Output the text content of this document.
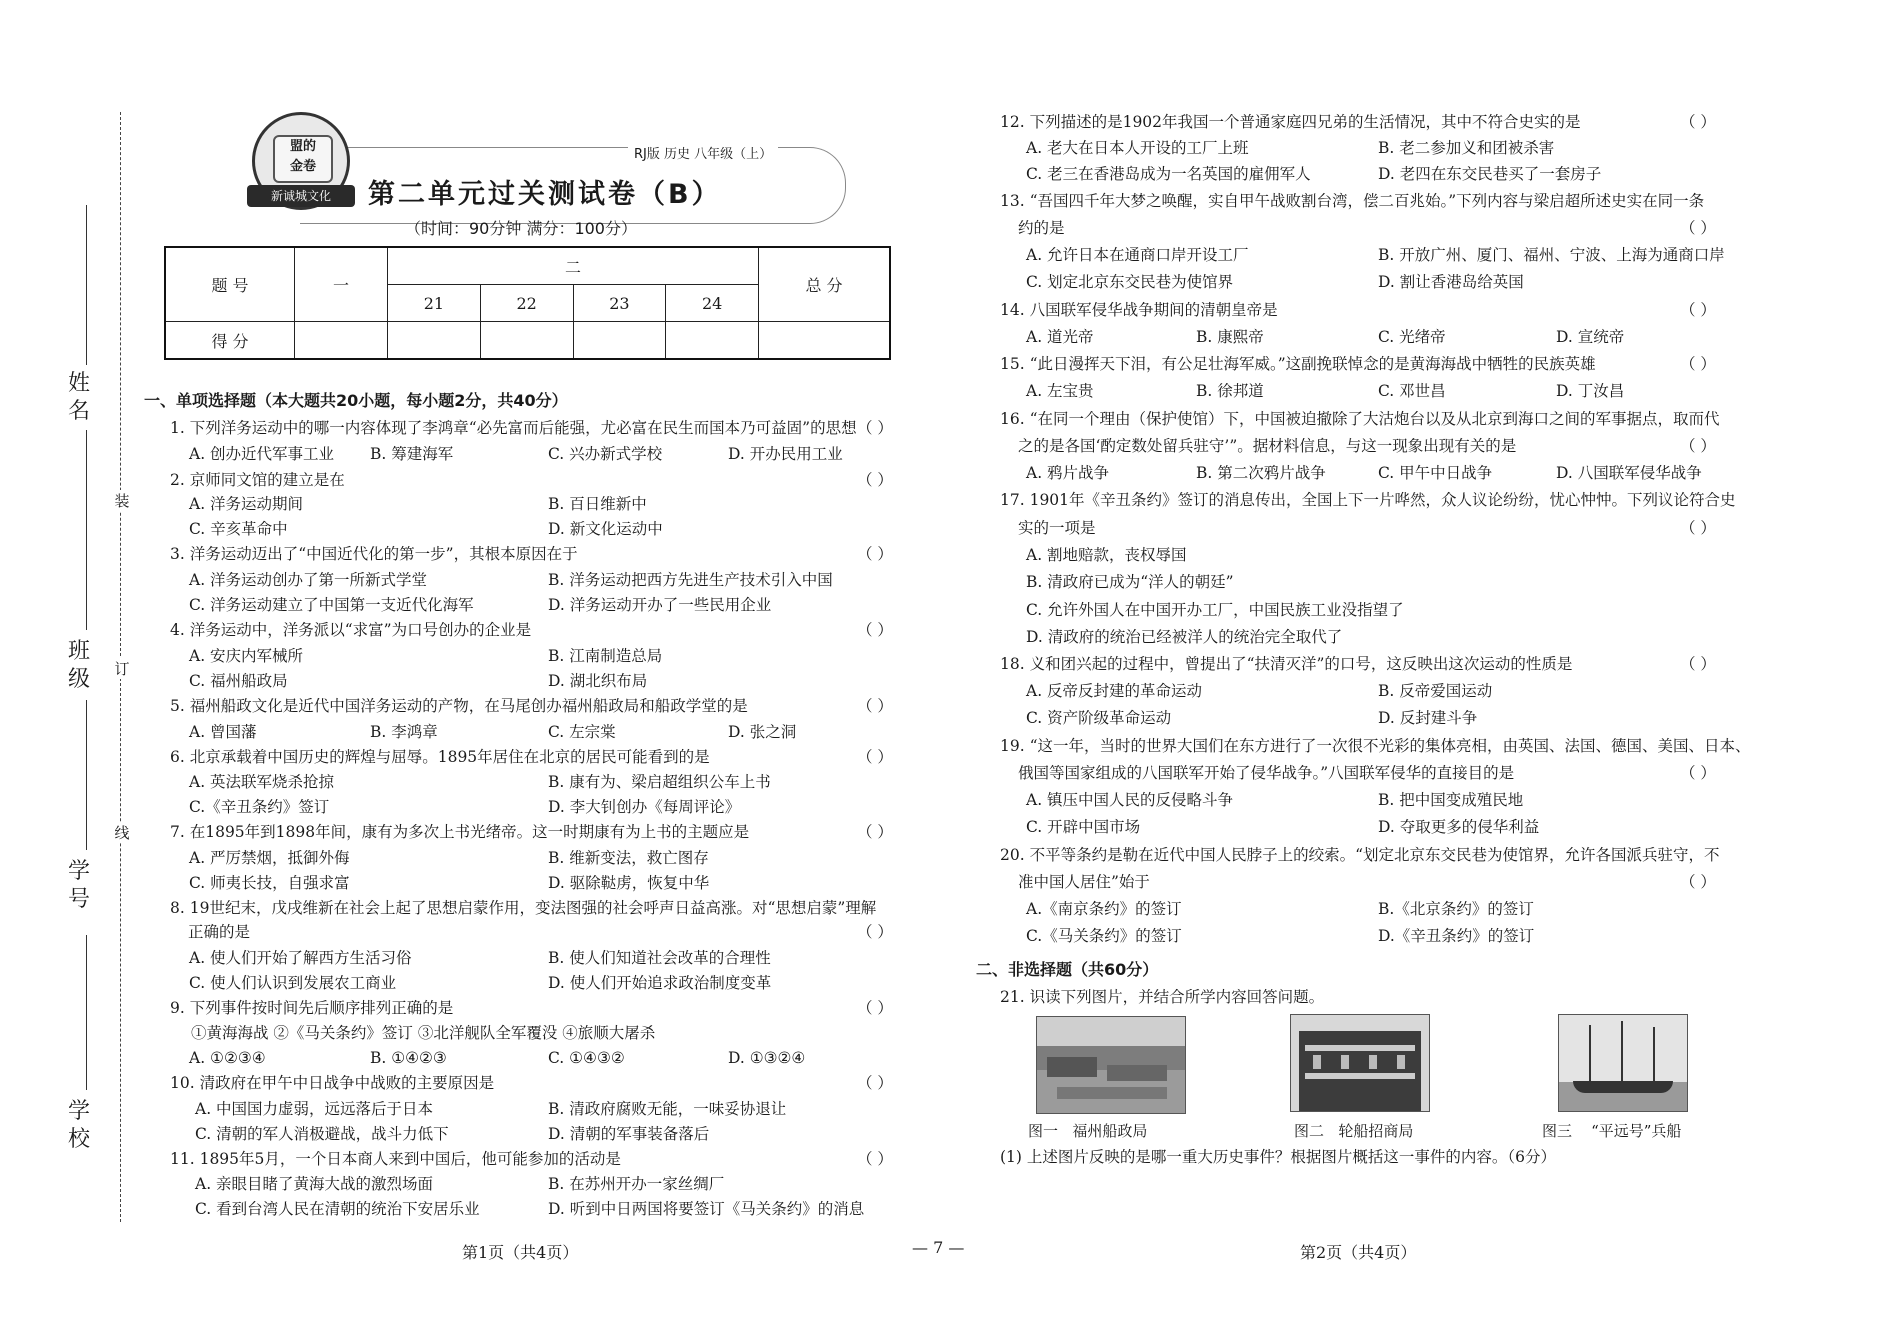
姓名
班级
学号
学校
装
订
线
盟的
金卷
新诚城文化
RJ版 历史 八年级（上）
第二单元过关测试卷（B）
（时间：90分钟 满分：100分）
题 号	一	二				总 分
		21	22	23	24	
得 分						
一、单项选择题（本大题共20小题，每小题2分，共40分）
1. 下列洋务运动中的哪一内容体现了李鸿章“必先富而后能强，尤必富在民生而国本乃可益固”的思想 （ ）
A. 创办近代军事工业 B. 筹建海军	C. 兴办新式学校	D. 开办民用工业
2. 京师同文馆的建立是在	（ ）
A. 洋务运动期间	B. 百日维新中
C. 辛亥革命中	D. 新文化运动中
3. 洋务运动迈出了“中国近代化的第一步”，其根本原因在于	（ ）
A. 洋务运动创办了第一所新式学堂	B. 洋务运动把西方先进生产技术引入中国
C. 洋务运动建立了中国第一支近代化海军	D. 洋务运动开办了一些民用企业
4. 洋务运动中，洋务派以“求富”为口号创办的企业是	（ ）
A. 安庆内军械所	B. 江南制造总局
C. 福州船政局	D. 湖北织布局
5. 福州船政文化是近代中国洋务运动的产物，在马尾创办福州船政局和船政学堂的是	（ ）
A. 曾国藩	B. 李鸿章	C. 左宗棠	D. 张之洞
6. 北京承载着中国历史的辉煌与屈辱。1895年居住在北京的居民可能看到的是	（ ）
A. 英法联军烧杀抢掠	B. 康有为、梁启超组织公车上书
C.《辛丑条约》签订	D. 李大钊创办《每周评论》
7. 在1895年到1898年间，康有为多次上书光绪帝。这一时期康有为上书的主题应是	（ ）
A. 严厉禁烟，抵御外侮	B. 维新变法，救亡图存
C. 师夷长技，自强求富	D. 驱除鞑虏，恢复中华
8. 19世纪末，戊戌维新在社会上起了思想启蒙作用，变法图强的社会呼声日益高涨。对“思想启蒙”理解
正确的是	（ ）
A. 使人们开始了解西方生活习俗	B. 使人们知道社会改革的合理性
C. 使人们认识到发展农工商业	D. 使人们开始追求政治制度变革
9. 下列事件按时间先后顺序排列正确的是	（ ）
①黄海海战 ②《马关条约》签订 ③北洋舰队全军覆没 ④旅顺大屠杀
A. ①②③④	B. ①④②③	C. ①④③②	D. ①③②④
10. 清政府在甲午中日战争中战败的主要原因是	（ ）
A. 中国国力虚弱，远远落后于日本	B. 清政府腐败无能，一味妥协退让
C. 清朝的军人消极避战，战斗力低下	D. 清朝的军事装备落后
11. 1895年5月，一个日本商人来到中国后，他可能参加的活动是	（ ）
A. 亲眼目睹了黄海大战的激烈场面	B. 在苏州开办一家丝绸厂
C. 看到台湾人民在清朝的统治下安居乐业	D. 听到中日两国将要签订《马关条约》的消息
二、非选择题（共60分）
12. 下列描述的是1902年我国一个普通家庭四兄弟的生活情况，其中不符合史实的是	（ ）
A. 老大在日本人开设的工厂上班	B. 老二参加义和团被杀害
C. 老三在香港岛成为一名英国的雇佣军人	D. 老四在东交民巷买了一套房子
13. “吾国四千年大梦之唤醒，实自甲午战败割台湾，偿二百兆始。”下列内容与梁启超所述史实在同一条
约的是	（ ）
A. 允许日本在通商口岸开设工厂	B. 开放广州、厦门、福州、宁波、上海为通商口岸
C. 划定北京东交民巷为使馆界	D. 割让香港岛给英国
14. 八国联军侵华战争期间的清朝皇帝是	（ ）
A. 道光帝	B. 康熙帝	C. 光绪帝	D. 宣统帝
15. “此日漫挥天下泪，有公足壮海军威。”这副挽联悼念的是黄海海战中牺牲的民族英雄	（ ）
A. 左宝贵	B. 徐邦道	C. 邓世昌	D. 丁汝昌
16. “在同一个理由（保护使馆）下，中国被迫撤除了大沽炮台以及从北京到海口之间的军事据点，取而代
之的是各国‘酌定数处留兵驻守’”。据材料信息，与这一现象出现有关的是	（ ）
A. 鸦片战争	B. 第二次鸦片战争	C. 甲午中日战争	D. 八国联军侵华战争
17. 1901年《辛丑条约》签订的消息传出，全国上下一片哗然，众人议论纷纷，忧心忡忡。下列议论符合史
实的一项是	（ ）
A. 割地赔款，丧权辱国
B. 清政府已成为“洋人的朝廷”
C. 允许外国人在中国开办工厂，中国民族工业没指望了
D. 清政府的统治已经被洋人的统治完全取代了
18. 义和团兴起的过程中，曾提出了“扶清灭洋”的口号，这反映出这次运动的性质是	（ ）
A. 反帝反封建的革命运动	B. 反帝爱国运动
C. 资产阶级革命运动	D. 反封建斗争
19. “这一年，当时的世界大国们在东方进行了一次很不光彩的集体亮相，由英国、法国、德国、美国、日本、
俄国等国家组成的八国联军开始了侵华战争。”八国联军侵华的直接目的是	（ ）
A. 镇压中国人民的反侵略斗争	B. 把中国变成殖民地
C. 开辟中国市场	D. 夺取更多的侵华利益
20. 不平等条约是勒在近代中国人民脖子上的绞索。“划定北京东交民巷为使馆界，允许各国派兵驻守，不
准中国人居住”始于	（ ）
A.《南京条约》的签订	B.《北京条约》的签订
C.《马关条约》的签订	D.《辛丑条约》的签订
21. 识读下列图片，并结合所学内容回答问题。
(1) 上述图片反映的是哪一重大历史事件？根据图片概括这一事件的内容。（6分）
图一 福州船政局	图二 轮船招商局	图三 “平远号”兵船
第1页（共4页）	— 7 —	第2页（共4页）
